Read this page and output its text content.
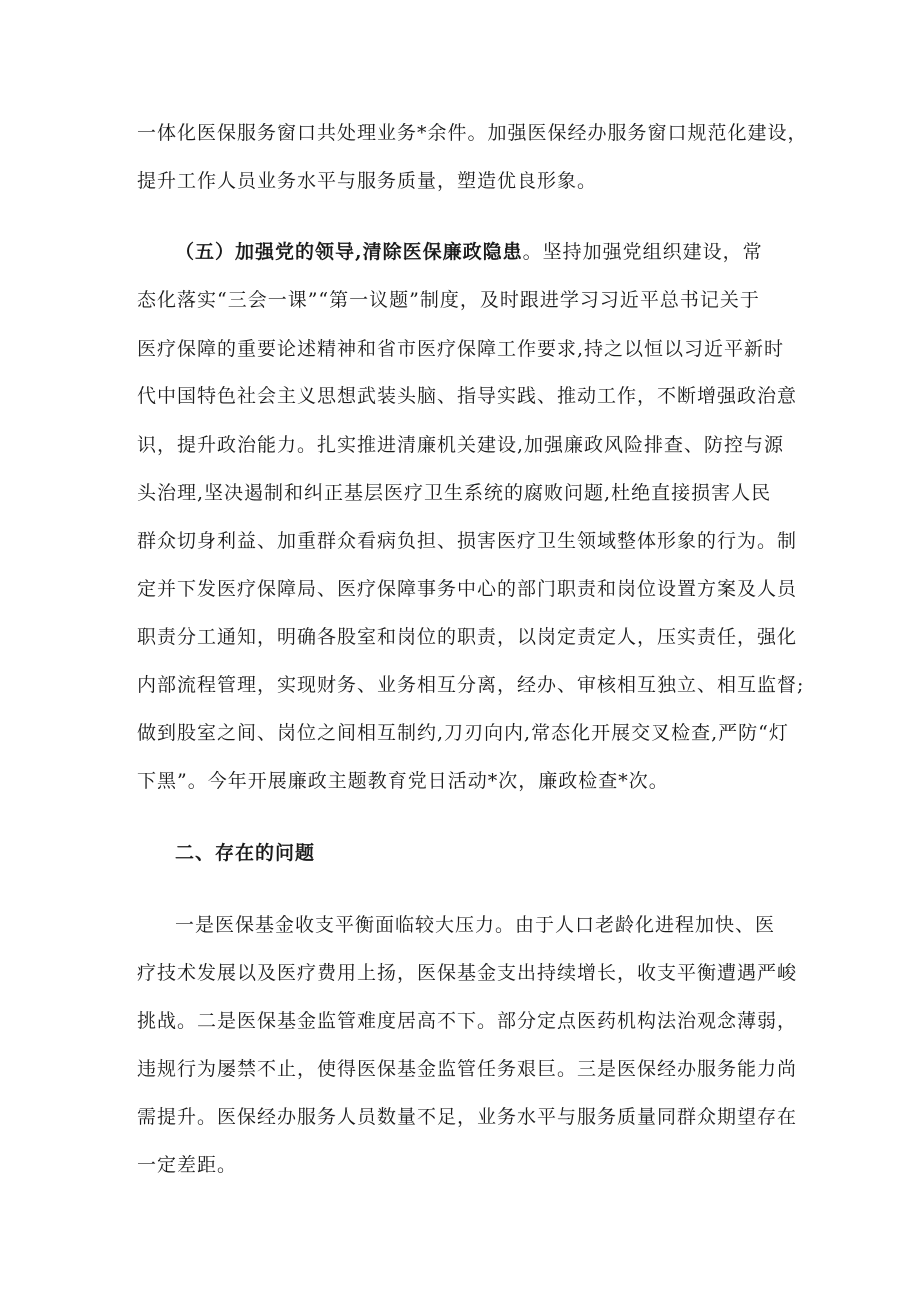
一体化医保服务窗口共处理业务*余件。加强医保经办服务窗口规范化建设，
提升工作人员业务水平与服务质量，塑造优良形象。
（五）加强党的领导,清除医保廉政隐患。坚持加强党组织建设，常
态化落实“三会一课”“第一议题”制度，及时跟进学习习近平总书记关于
医疗保障的重要论述精神和省市医疗保障工作要求,持之以恒以习近平新时
代中国特色社会主义思想武装头脑、指导实践、推动工作，不断增强政治意
识，提升政治能力。扎实推进清廉机关建设,加强廉政风险排查、防控与源
头治理,坚决遏制和纠正基层医疗卫生系统的腐败问题,杜绝直接损害人民
群众切身利益、加重群众看病负担、损害医疗卫生领域整体形象的行为。制
定并下发医疗保障局、医疗保障事务中心的部门职责和岗位设置方案及人员
职责分工通知，明确各股室和岗位的职责，以岗定责定人，压实责任，强化
内部流程管理，实现财务、业务相互分离，经办、审核相互独立、相互监督;
做到股室之间、岗位之间相互制约,刀刃向内,常态化开展交叉检查,严防“灯
下黑”。今年开展廉政主题教育党日活动*次，廉政检查*次。
二、存在的问题
一是医保基金收支平衡面临较大压力。由于人口老龄化进程加快、医
疗技术发展以及医疗费用上扬，医保基金支出持续增长，收支平衡遭遇严峻
挑战。二是医保基金监管难度居高不下。部分定点医药机构法治观念薄弱，
违规行为屡禁不止，使得医保基金监管任务艰巨。三是医保经办服务能力尚
需提升。医保经办服务人员数量不足，业务水平与服务质量同群众期望存在
一定差距。
